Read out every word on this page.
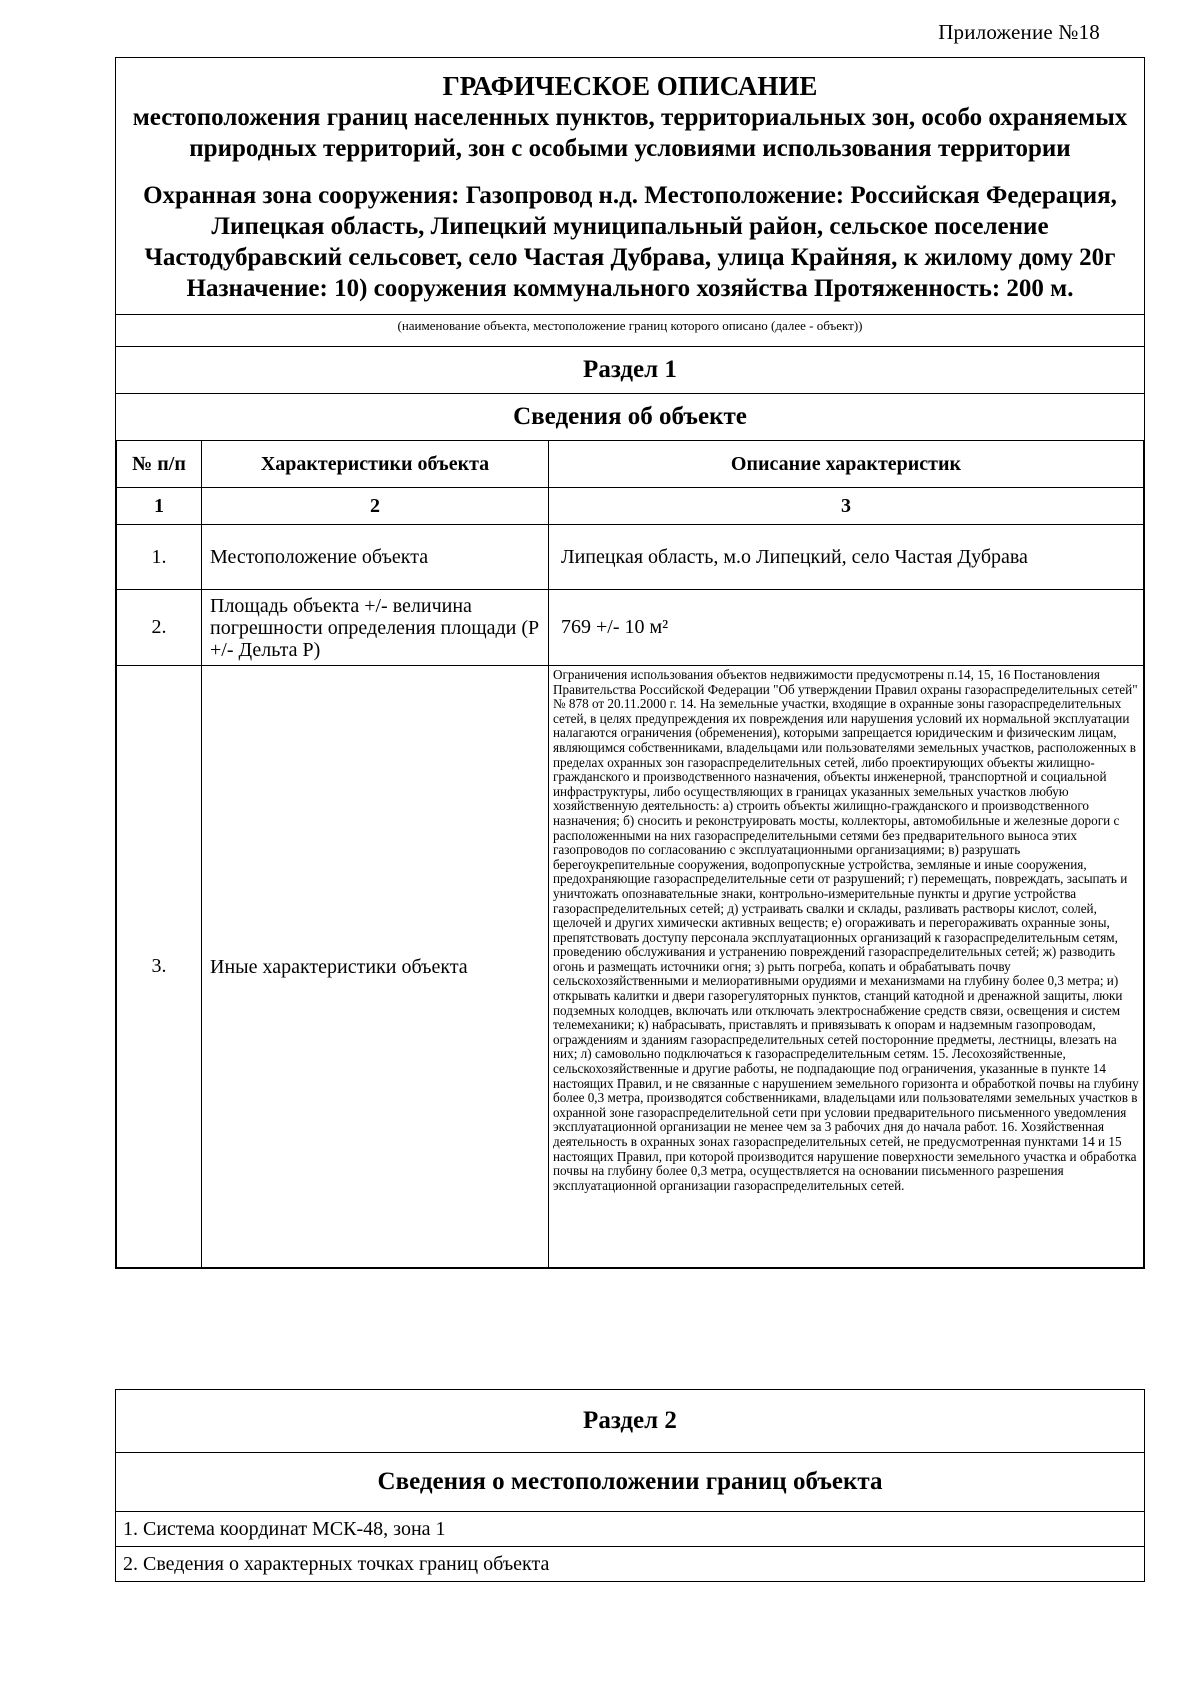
Приложение №18
ГРАФИЧЕСКОЕ ОПИСАНИЕ
местоположения границ населенных пунктов, территориальных зон, особо охраняемых природных территорий, зон с особыми условиями использования территории
Охранная зона сооружения: Газопровод н.д. Местоположение: Российская Федерация, Липецкая область, Липецкий муниципальный район, сельское поселение Частодубравский сельсовет, село Частая Дубрава, улица Крайняя, к жилому дому 20г Назначение: 10) сооружения коммунального хозяйства Протяженность: 200 м.
(наименование объекта, местоположение границ которого описано (далее - объект))
Раздел 1
Сведения об объекте
№ п/п	Характеристики объекта	Описание характеристик
1	2	3
1.	Местоположение объекта	Липецкая область, м.о Липецкий, село Частая Дубрава
2.	Площадь объекта +/- величина погрешности определения площади (P +/- Дельта P)	769 +/- 10 м²
3.	Иные характеристики объекта	Ограничения использования объектов недвижимости предусмотрены п.14, 15, 16 Постановления Правительства Российской Федерации "Об утверждении Правил охраны газораспределительных сетей" № 878 от 20.11.2000 г. 14. На земельные участки, входящие в охранные зоны газораспределительных сетей, в целях предупреждения их повреждения или нарушения условий их нормальной эксплуатации налагаются ограничения (обременения), которыми запрещается юридическим и физическим лицам, являющимся собственниками, владельцами или пользователями земельных участков, расположенных в пределах охранных зон газораспределительных сетей, либо проектирующих объекты жилищно-гражданского и производственного назначения, объекты инженерной, транспортной и социальной инфраструктуры, либо осуществляющих в границах указанных земельных участков любую хозяйственную деятельность: а) строить объекты жилищно-гражданского и производственного назначения; б) сносить и реконструировать мосты, коллекторы, автомобильные и железные дороги с расположенными на них газораспределительными сетями без предварительного выноса этих газопроводов по согласованию с эксплуатационными организациями; в) разрушать берегоукрепительные сооружения, водопропускные устройства, земляные и иные сооружения, предохраняющие газораспределительные сети от разрушений; г) перемещать, повреждать, засыпать и уничтожать опознавательные знаки, контрольно-измерительные пункты и другие устройства газораспределительных сетей; д) устраивать свалки и склады, разливать растворы кислот, солей, щелочей и других химически активных веществ; е) огораживать и перегораживать охранные зоны, препятствовать доступу персонала эксплуатационных организаций к газораспределительным сетям, проведению обслуживания и устранению повреждений газораспределительных сетей; ж) разводить огонь и размещать источники огня; з) рыть погреба, копать и обрабатывать почву сельскохозяйственными и мелиоративными орудиями и механизмами на глубину более 0,3 метра; и) открывать калитки и двери газорегуляторных пунктов, станций катодной и дренажной защиты, люки подземных колодцев, включать или отключать электроснабжение средств связи, освещения и систем телемеханики; к) набрасывать, приставлять и привязывать к опорам и надземным газопроводам, ограждениям и зданиям газораспределительных сетей посторонние предметы, лестницы, влезать на них; л) самовольно подключаться к газораспределительным сетям. 15. Лесохозяйственные, сельскохозяйственные и другие работы, не подпадающие под ограничения, указанные в пункте 14 настоящих Правил, и не связанные с нарушением земельного горизонта и обработкой почвы на глубину более 0,3 метра, производятся собственниками, владельцами или пользователями земельных участков в охранной зоне газораспределительной сети при условии предварительного письменного уведомления эксплуатационной организации не менее чем за 3 рабочих дня до начала работ. 16. Хозяйственная деятельность в охранных зонах газораспределительных сетей, не предусмотренная пунктами 14 и 15 настоящих Правил, при которой производится нарушение поверхности земельного участка и обработка почвы на глубину более 0,3 метра, осуществляется на основании письменного разрешения эксплуатационной организации газораспределительных сетей.
Раздел 2
Сведения о местоположении границ объекта
1. Система координат МСК-48, зона 1
2. Сведения о характерных точках границ объекта
